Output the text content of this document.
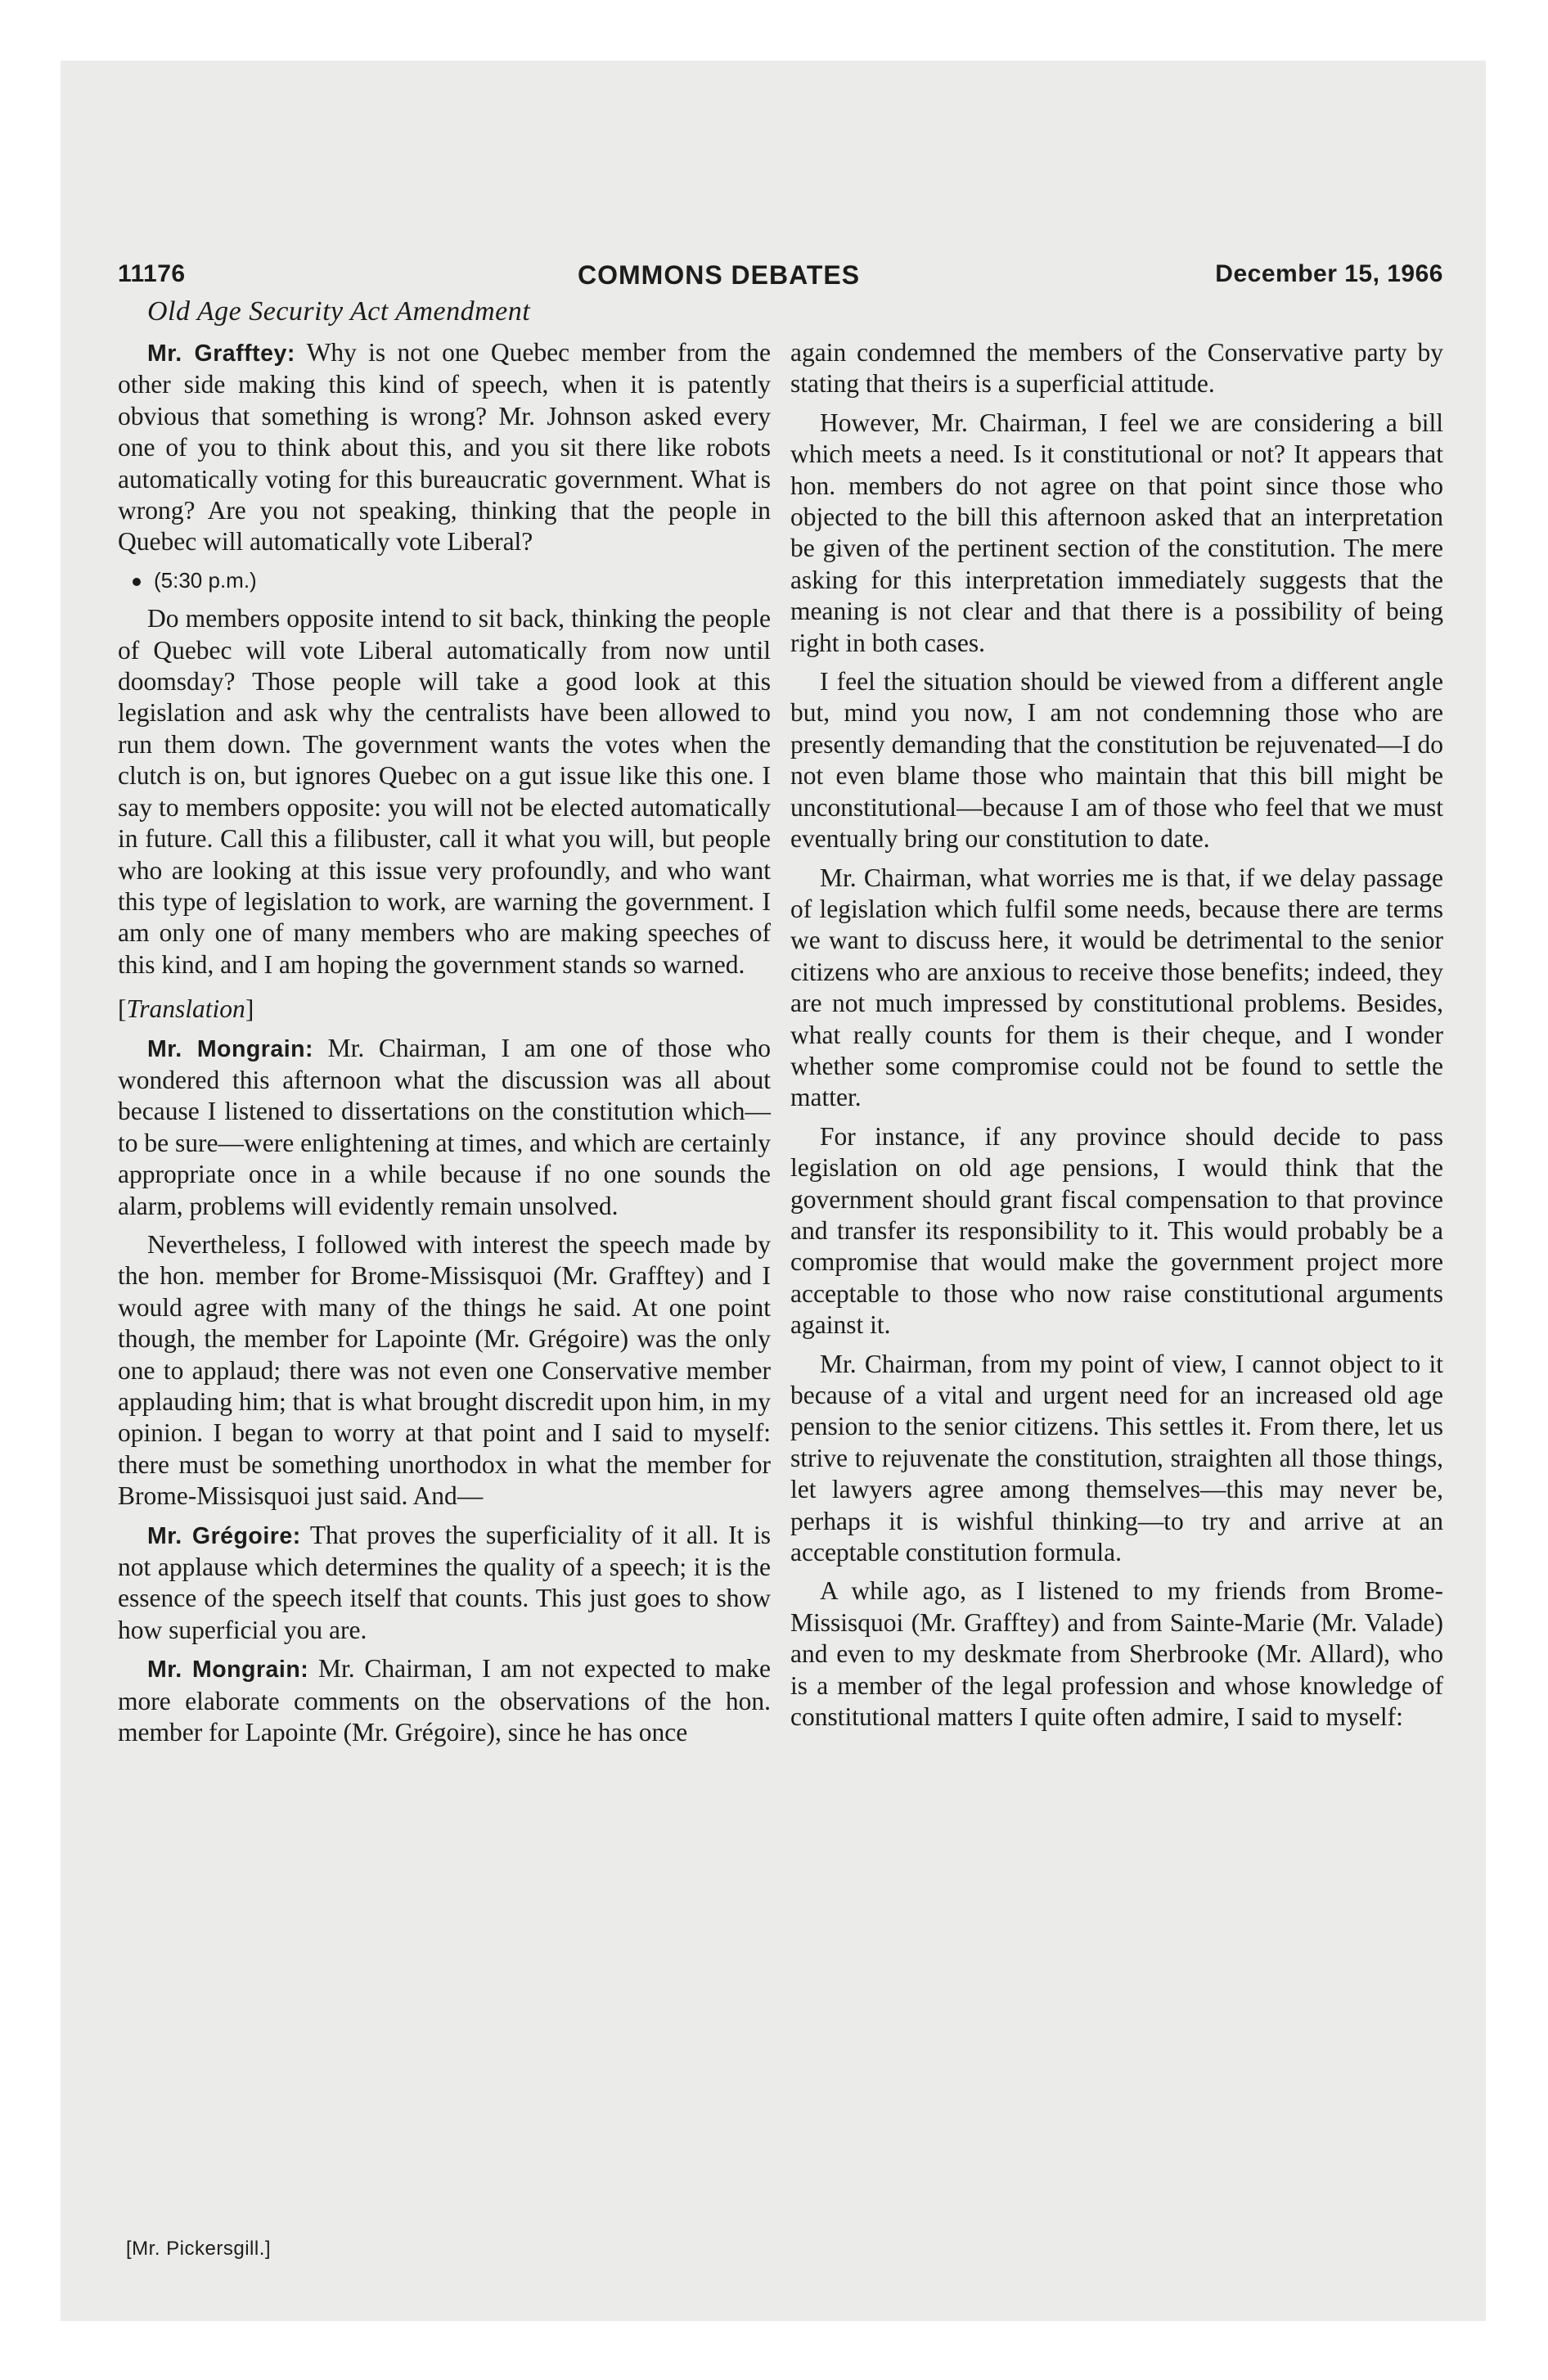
11176	COMMONS DEBATES	December 15, 1966
Old Age Security Act Amendment

Mr. Grafftey: Why is not one Quebec member from the other side making this kind of speech, when it is patently obvious that something is wrong? Mr. Johnson asked every one of you to think about this, and you sit there like robots automatically voting for this bureaucratic government. What is wrong? Are you not speaking, thinking that the people in Quebec will automatically vote Liberal?

(5:30 p.m.)

Do members opposite intend to sit back, thinking the people of Quebec will vote Liberal automatically from now until doomsday? Those people will take a good look at this legislation and ask why the centralists have been allowed to run them down. The government wants the votes when the clutch is on, but ignores Quebec on a gut issue like this one. I say to members opposite: you will not be elected automatically in future. Call this a filibuster, call it what you will, but people who are looking at this issue very profoundly, and who want this type of legislation to work, are warning the government. I am only one of many members who are making speeches of this kind, and I am hoping the government stands so warned.

[Translation]

Mr. Mongrain: Mr. Chairman, I am one of those who wondered this afternoon what the discussion was all about because I listened to dissertations on the constitution which—to be sure—were enlightening at times, and which are certainly appropriate once in a while because if no one sounds the alarm, problems will evidently remain unsolved.

Nevertheless, I followed with interest the speech made by the hon. member for Brome-Missisquoi (Mr. Grafftey) and I would agree with many of the things he said. At one point though, the member for Lapointe (Mr. Grégoire) was the only one to applaud; there was not even one Conservative member applauding him; that is what brought discredit upon him, in my opinion. I began to worry at that point and I said to myself: there must be something unorthodox in what the member for Brome-Missisquoi just said. And—

Mr. Grégoire: That proves the superficiality of it all. It is not applause which determines the quality of a speech; it is the essence of the speech itself that counts. This just goes to show how superficial you are.

Mr. Mongrain: Mr. Chairman, I am not expected to make more elaborate comments on the observations of the hon. member for Lapointe (Mr. Grégoire), since he has once

again condemned the members of the Conservative party by stating that theirs is a superficial attitude.

However, Mr. Chairman, I feel we are considering a bill which meets a need. Is it constitutional or not? It appears that hon. members do not agree on that point since those who objected to the bill this afternoon asked that an interpretation be given of the pertinent section of the constitution. The mere asking for this interpretation immediately suggests that the meaning is not clear and that there is a possibility of being right in both cases.

I feel the situation should be viewed from a different angle but, mind you now, I am not condemning those who are presently demanding that the constitution be rejuvenated—I do not even blame those who maintain that this bill might be unconstitutional—because I am of those who feel that we must eventually bring our constitution to date.

Mr. Chairman, what worries me is that, if we delay passage of legislation which fulfil some needs, because there are terms we want to discuss here, it would be detrimental to the senior citizens who are anxious to receive those benefits; indeed, they are not much impressed by constitutional problems. Besides, what really counts for them is their cheque, and I wonder whether some compromise could not be found to settle the matter.

For instance, if any province should decide to pass legislation on old age pensions, I would think that the government should grant fiscal compensation to that province and transfer its responsibility to it. This would probably be a compromise that would make the government project more acceptable to those who now raise constitutional arguments against it.

Mr. Chairman, from my point of view, I cannot object to it because of a vital and urgent need for an increased old age pension to the senior citizens. This settles it. From there, let us strive to rejuvenate the constitution, straighten all those things, let lawyers agree among themselves—this may never be, perhaps it is wishful thinking—to try and arrive at an acceptable constitution formula.

A while ago, as I listened to my friends from Brome-Missisquoi (Mr. Grafftey) and from Sainte-Marie (Mr. Valade) and even to my deskmate from Sherbrooke (Mr. Allard), who is a member of the legal profession and whose knowledge of constitutional matters I quite often admire, I said to myself:

[Mr. Pickersgill.]
